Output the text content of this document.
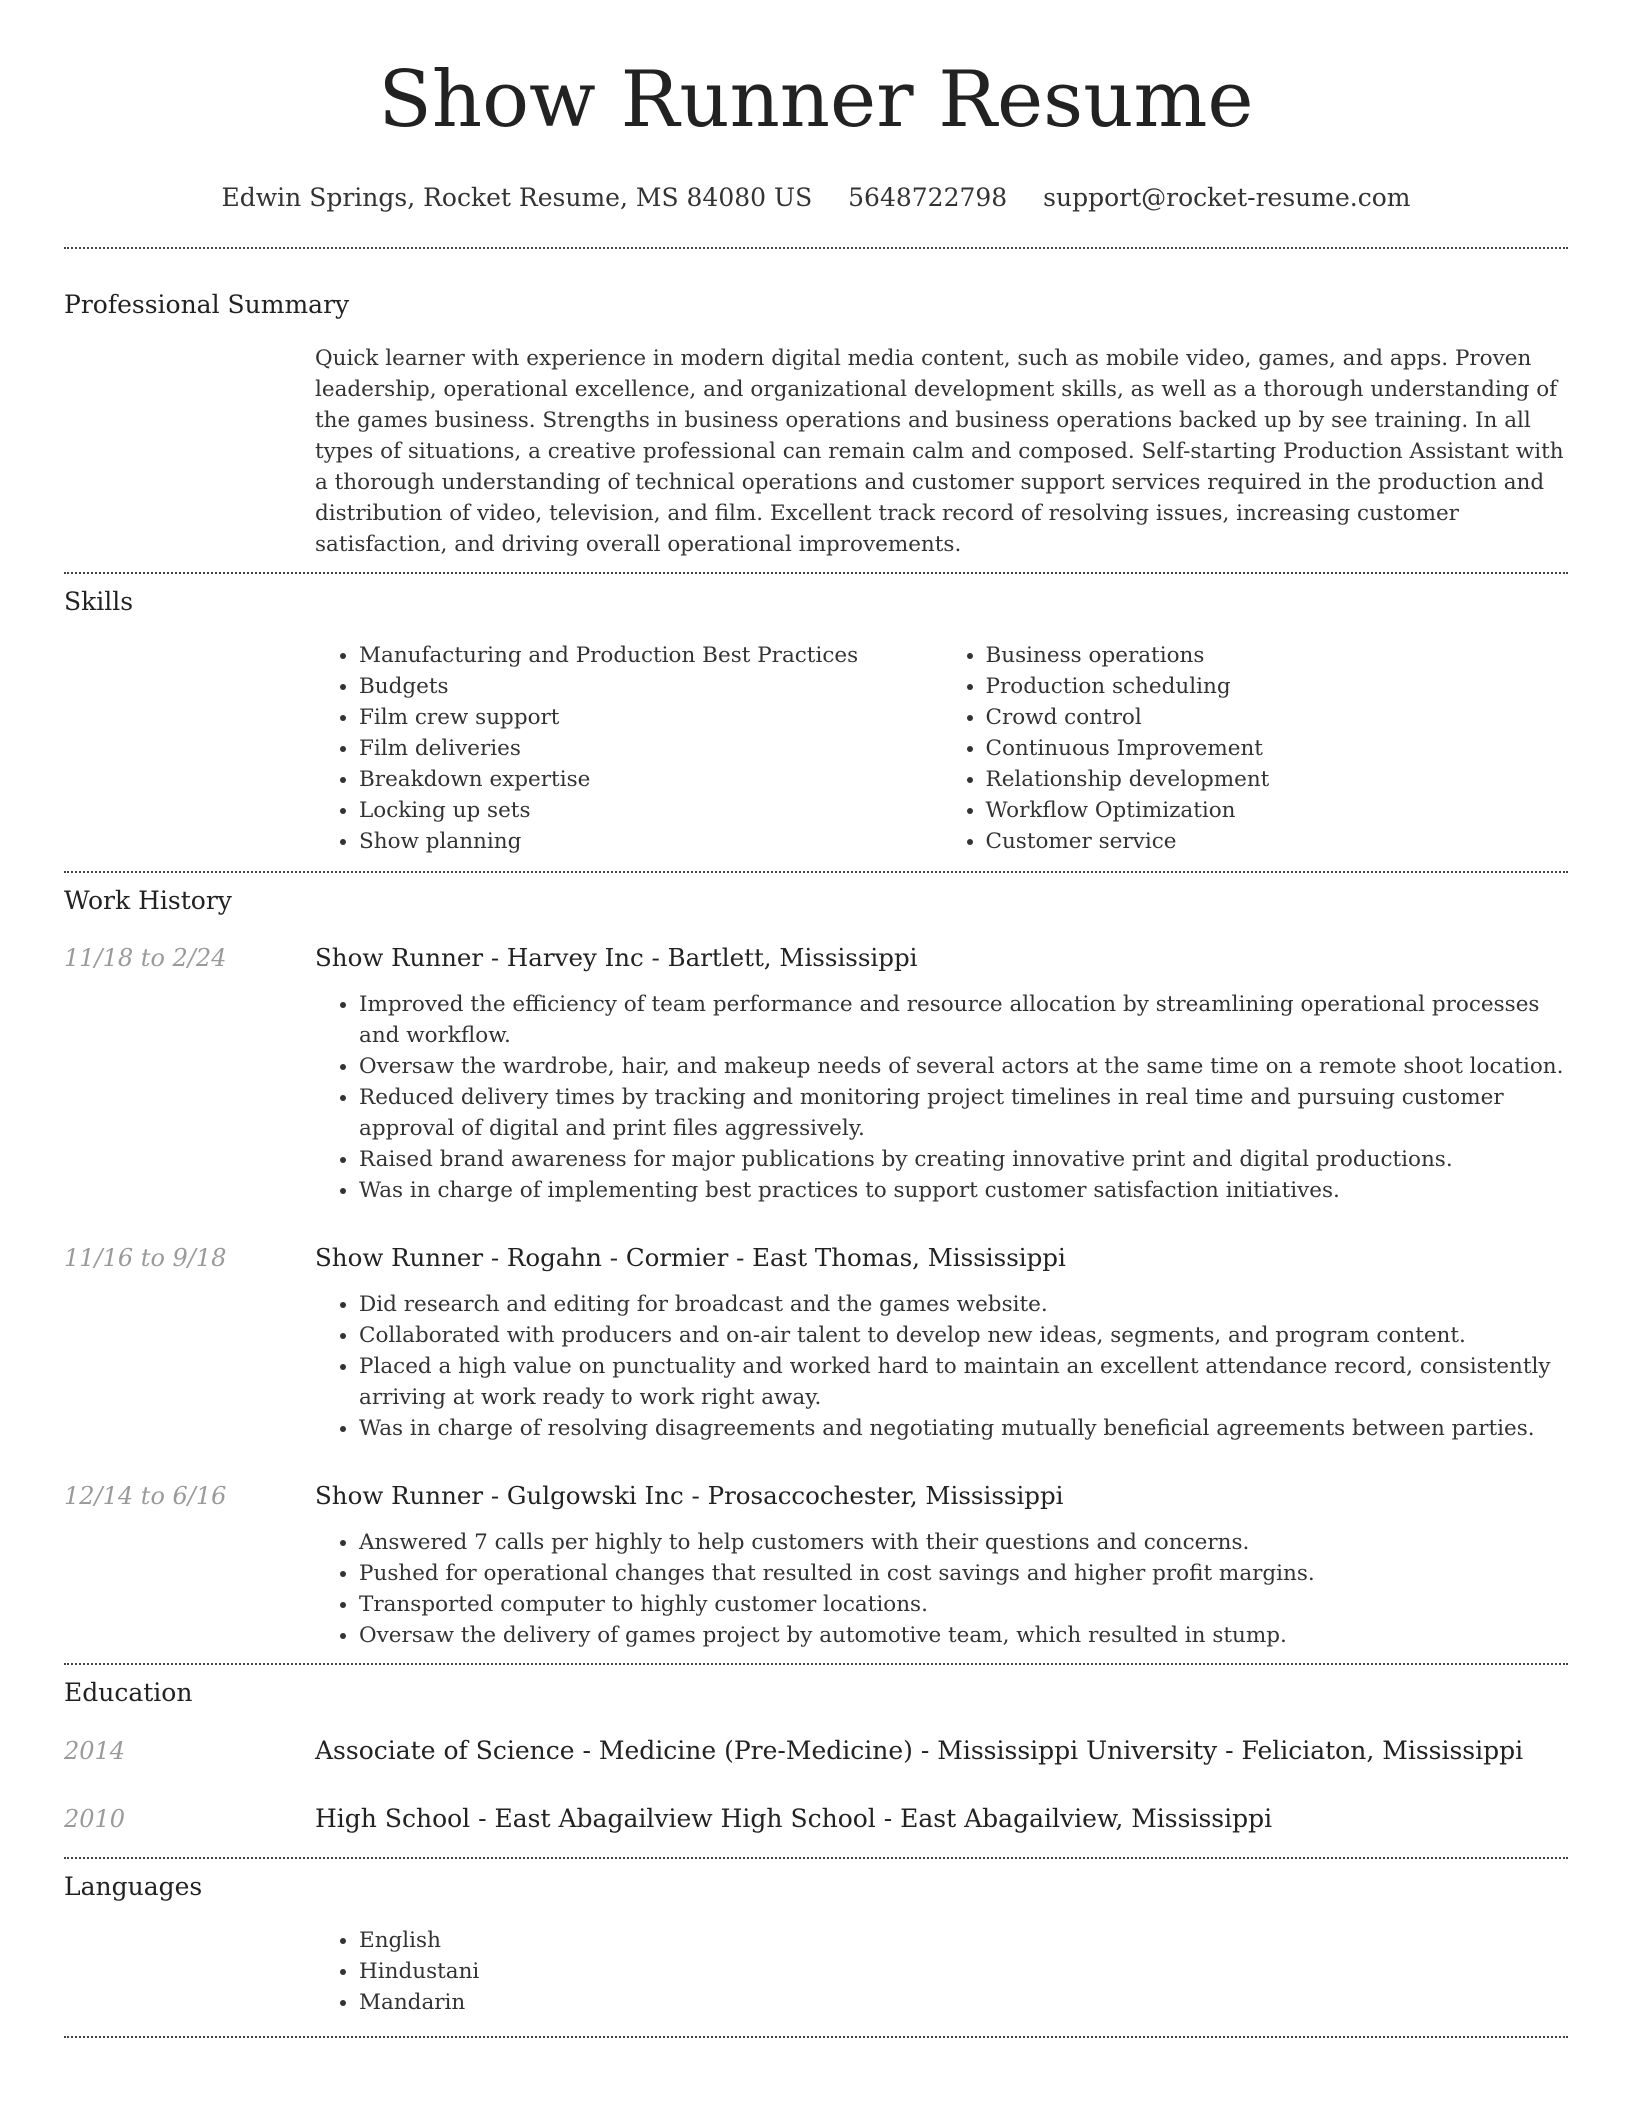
Show Runner Resume
Edwin Springs, Rocket Resume, MS 84080 US 5648722798 support@rocket-resume.com
Professional Summary

Quick learner with experience in modern digital media content, such as mobile video, games, and apps. Proven leadership, operational excellence, and organizational development skills, as well as a thorough understanding of the games business. Strengths in business operations and business operations backed up by see training. In all types of situations, a creative professional can remain calm and composed. Self-starting Production Assistant with a thorough understanding of technical operations and customer support services required in the production and distribution of video, television, and film. Excellent track record of resolving issues, increasing customer satisfaction, and driving overall operational improvements.

Skills
• Manufacturing and Production Best Practices
• Budgets
• Film crew support
• Film deliveries
• Breakdown expertise
• Locking up sets
• Show planning
• Business operations
• Production scheduling
• Crowd control
• Continuous Improvement
• Relationship development
• Workflow Optimization
• Customer service
Work History
11/18 to 2/24	Show Runner - Harvey Inc - Bartlett, Mississippi
• Improved the efficiency of team performance and resource allocation by streamlining operational processes and workflow.
• Oversaw the wardrobe, hair, and makeup needs of several actors at the same time on a remote shoot location.
• Reduced delivery times by tracking and monitoring project timelines in real time and pursuing customer approval of digital and print files aggressively.
• Raised brand awareness for major publications by creating innovative print and digital productions.
• Was in charge of implementing best practices to support customer satisfaction initiatives.
11/16 to 9/18	Show Runner - Rogahn - Cormier - East Thomas, Mississippi
• Did research and editing for broadcast and the games website.
• Collaborated with producers and on-air talent to develop new ideas, segments, and program content.
• Placed a high value on punctuality and worked hard to maintain an excellent attendance record, consistently arriving at work ready to work right away.
• Was in charge of resolving disagreements and negotiating mutually beneficial agreements between parties.
12/14 to 6/16	Show Runner - Gulgowski Inc - Prosaccochester, Mississippi
• Answered 7 calls per highly to help customers with their questions and concerns.
• Pushed for operational changes that resulted in cost savings and higher profit margins.
• Transported computer to highly customer locations.
• Oversaw the delivery of games project by automotive team, which resulted in stump.
Education
2014	Associate of Science - Medicine (Pre-Medicine) - Mississippi University - Feliciaton, Mississippi
2010	High School - East Abagailview High School - East Abagailview, Mississippi
Languages
• English
• Hindustani
• Mandarin
